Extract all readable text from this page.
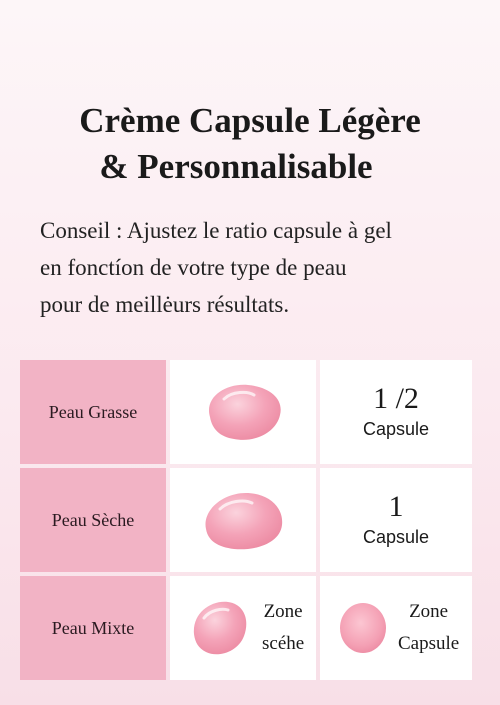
Crème Capsule Légère

& Personnalisable
Conseil : Ajustez le ratio capsule à gel
en fonctíon de votre type de peau
pour de meillėurs résultats.
Peau Grasse	1 /2
Capsule
Peau Sèche	1
Capsule
Peau Mixte
Zone
scéhe
Zone
Capsule
